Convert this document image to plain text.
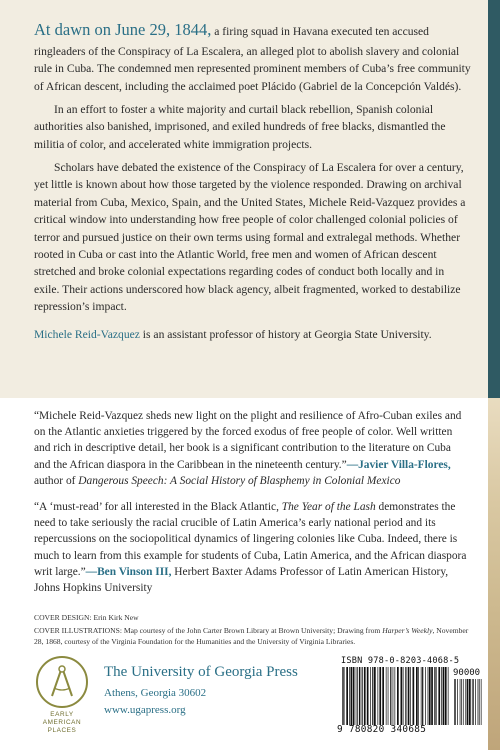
At dawn on June 29, 1844, a firing squad in Havana executed ten accused ringleaders of the Conspiracy of La Escalera, an alleged plot to abolish slavery and colonial rule in Cuba. The condemned men represented prominent members of Cuba’s free community of African descent, including the acclaimed poet Plácido (Gabriel de la Concepción Valdés).

In an effort to foster a white majority and curtail black rebellion, Spanish colonial authorities also banished, imprisoned, and exiled hundreds of free blacks, dismantled the militia of color, and accelerated white immigration projects.

Scholars have debated the existence of the Conspiracy of La Escalera for over a century, yet little is known about how those targeted by the violence responded. Drawing on archival material from Cuba, Mexico, Spain, and the United States, Michele Reid-Vazquez provides a critical window into understanding how free people of color challenged colonial policies of terror and pursued justice on their own terms using formal and extralegal methods. Whether rooted in Cuba or cast into the Atlantic World, free men and women of African descent stretched and broke colonial expectations regarding codes of conduct both locally and in exile. Their actions underscored how black agency, albeit fragmented, worked to destabilize repression’s impact.

Michele Reid-Vazquez is an assistant professor of history at Georgia State University.

“Michele Reid-Vazquez sheds new light on the plight and resilience of Afro-Cuban exiles and on the Atlantic anxieties triggered by the forced exodus of free people of color. Well written and rich in descriptive detail, her book is a significant contribution to the literature on Cuba and the African diaspora in the Caribbean in the nineteenth century.”—Javier Villa-Flores, author of Dangerous Speech: A Social History of Blasphemy in Colonial Mexico

“A ‘must-read’ for all interested in the Black Atlantic, The Year of the Lash demonstrates the need to take seriously the racial crucible of Latin America’s early national period and its repercussions on the sociopolitical dynamics of lingering colonies like Cuba. Indeed, there is much to learn from this example for students of Cuba, Latin America, and the African diaspora writ large.”—Ben Vinson III, Herbert Baxter Adams Professor of Latin American History, Johns Hopkins University

COVER DESIGN: Erin Kirk New

COVER ILLUSTRATIONS: Map courtesy of the John Carter Brown Library at Brown University; Drawing from Harper’s Weekly, November 28, 1868, courtesy of the Virginia Foundation for the Humanities and the University of Virginia Libraries.

EARLY
AMERICAN
PLACES
The University of Georgia Press
Athens, Georgia 30602
www.ugapress.org
ISBN 978-0-8203-4068-5
90000
9 780820 340685
